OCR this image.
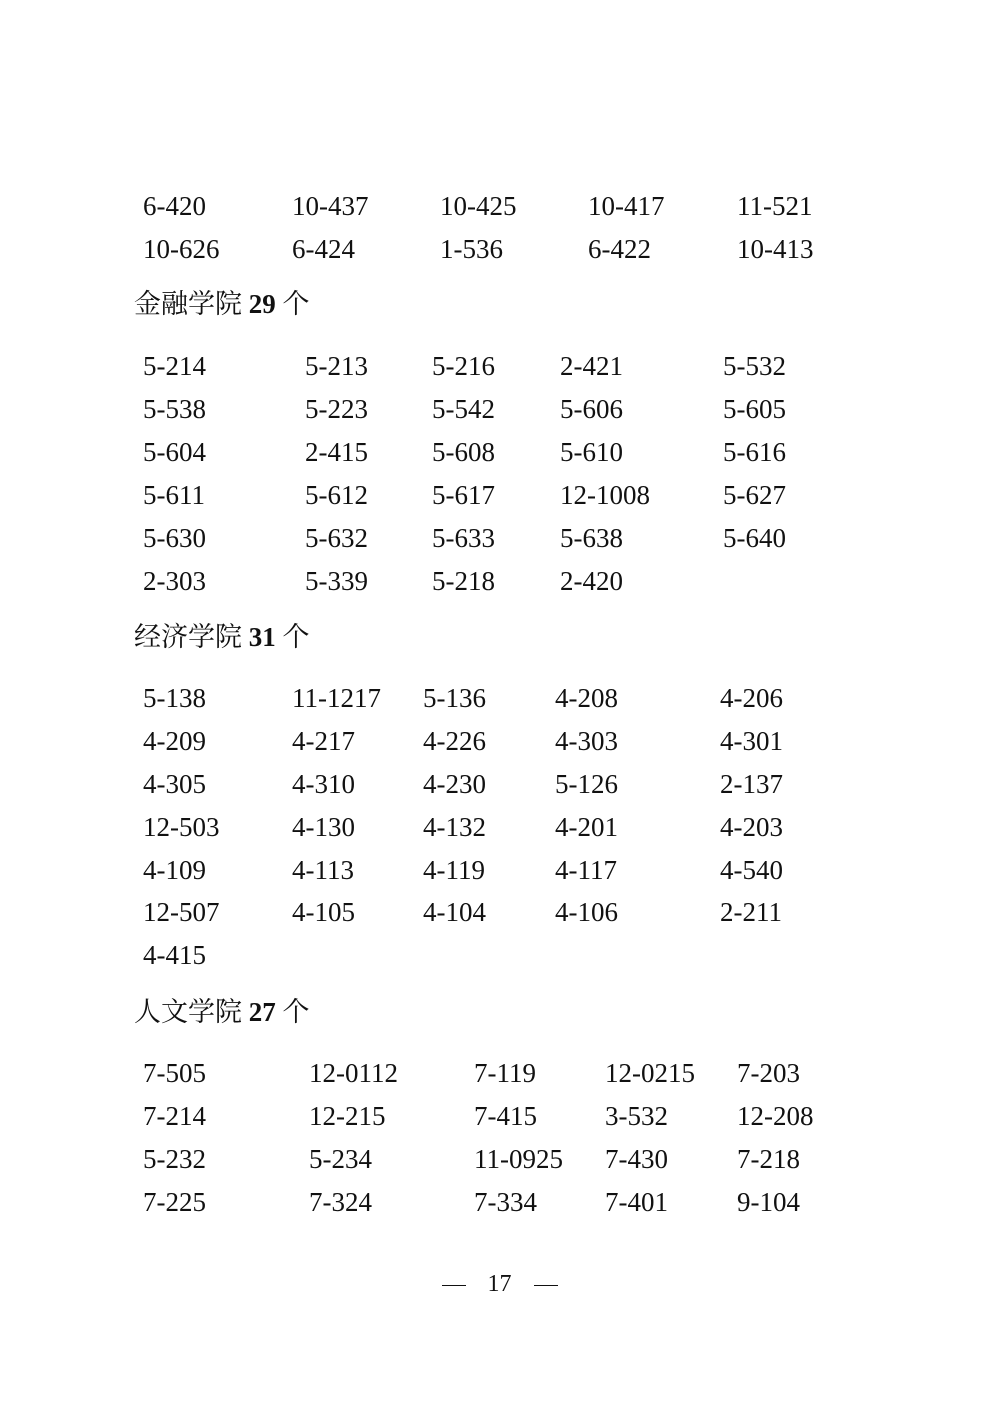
6-420	10-437	10-425	10-417	11-521
10-626	6-424	1-536	6-422	10-413
金融学院 29 个
5-214	5-213 5-216 2-421	5-532
5-538	5-223 5-542 5-606	5-605
5-604	2-415 5-608 5-610	5-616
5-611	5-612 5-617 12-1008	5-627
5-630	5-632 5-633 5-638	5-640
2-303	5-339 5-218 2-420
经济学院 31 个
5-138	11-1217 5-136	4-208	4-206
4-209	4-217	4-226	4-303	4-301
4-305	4-310	4-230	5-126	2-137
12-503	4-130	4-132	4-201	4-203
4-109	4-113	4-119	4-117	4-540
12-507	4-105	4-104	4-106	2-211
4-415
人文学院 27 个
7-505	12-0112	7-119	12-0215 7-203
7-214	12-215	7-415	3-532	12-208
5-232	5-234	11-0925 7-430	7-218
7-225	7-324	7-334	7-401	9-104
17
